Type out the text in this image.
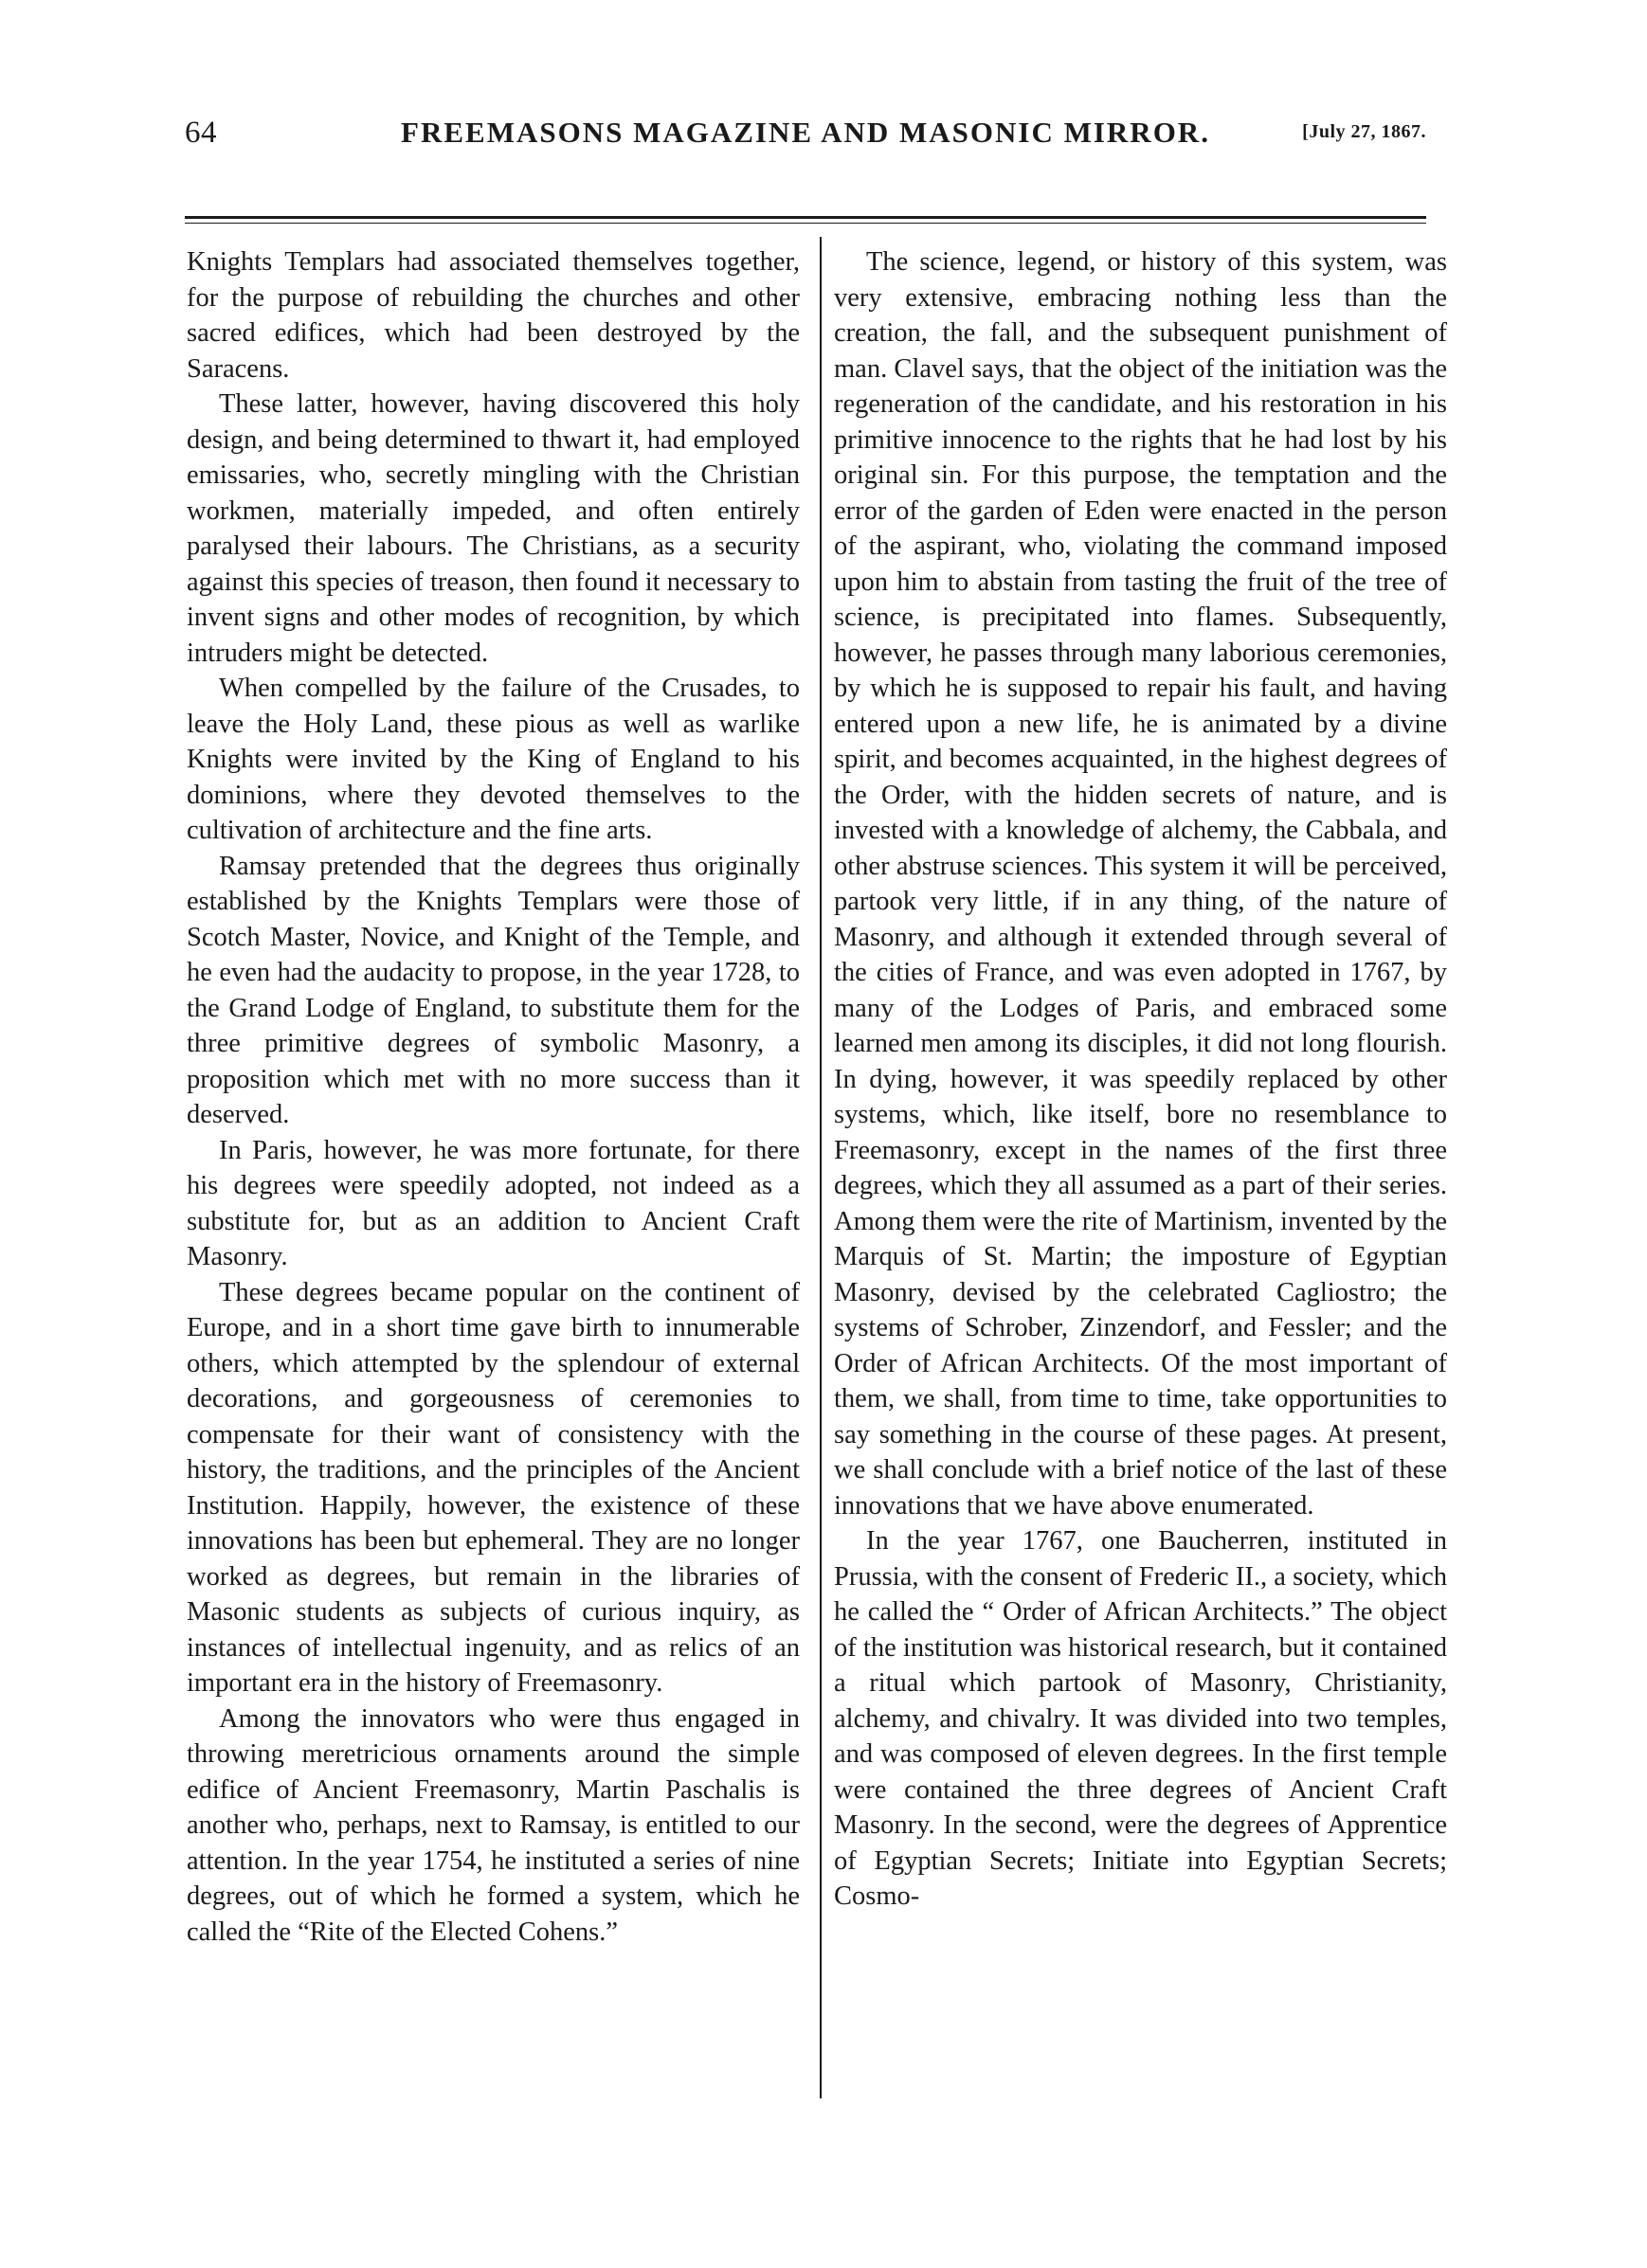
64	FREEMASONS MAGAZINE AND MASONIC MIRROR.	[July 27, 1867.

Knights Templars had associated themselves together, for the purpose of rebuilding the churches and other sacred edifices, which had been destroyed by the Saracens.

These latter, however, having discovered this holy design, and being determined to thwart it, had employed emissaries, who, secretly mingling with the Christian workmen, materially impeded, and often entirely paralysed their labours. The Christians, as a security against this species of treason, then found it necessary to invent signs and other modes of recognition, by which intruders might be detected.

When compelled by the failure of the Crusades, to leave the Holy Land, these pious as well as warlike Knights were invited by the King of England to his dominions, where they devoted themselves to the cultivation of architecture and the fine arts.

Ramsay pretended that the degrees thus originally established by the Knights Templars were those of Scotch Master, Novice, and Knight of the Temple, and he even had the audacity to propose, in the year 1728, to the Grand Lodge of England, to substitute them for the three primitive degrees of symbolic Masonry, a proposition which met with no more success than it deserved.

In Paris, however, he was more fortunate, for there his degrees were speedily adopted, not indeed as a substitute for, but as an addition to Ancient Craft Masonry.

These degrees became popular on the continent of Europe, and in a short time gave birth to innumerable others, which attempted by the splendour of external decorations, and gorgeousness of ceremonies to compensate for their want of consistency with the history, the traditions, and the principles of the Ancient Institution. Happily, however, the existence of these innovations has been but ephemeral. They are no longer worked as degrees, but remain in the libraries of Masonic students as subjects of curious inquiry, as instances of intellectual ingenuity, and as relics of an important era in the history of Freemasonry.

Among the innovators who were thus engaged in throwing meretricious ornaments around the simple edifice of Ancient Freemasonry, Martin Paschalis is another who, perhaps, next to Ramsay, is entitled to our attention. In the year 1754, he instituted a series of nine degrees, out of which he formed a system, which he called the “Rite of the Elected Cohens.”

The science, legend, or history of this system, was very extensive, embracing nothing less than the creation, the fall, and the subsequent punishment of man. Clavel says, that the object of the initiation was the regeneration of the candidate, and his restoration in his primitive innocence to the rights that he had lost by his original sin. For this purpose, the temptation and the error of the garden of Eden were enacted in the person of the aspirant, who, violating the command imposed upon him to abstain from tasting the fruit of the tree of science, is precipitated into flames. Subsequently, however, he passes through many laborious ceremonies, by which he is supposed to repair his fault, and having entered upon a new life, he is animated by a divine spirit, and becomes acquainted, in the highest degrees of the Order, with the hidden secrets of nature, and is invested with a knowledge of alchemy, the Cabbala, and other abstruse sciences. This system it will be perceived, partook very little, if in any thing, of the nature of Masonry, and although it extended through several of the cities of France, and was even adopted in 1767, by many of the Lodges of Paris, and embraced some learned men among its disciples, it did not long flourish. In dying, however, it was speedily replaced by other systems, which, like itself, bore no resemblance to Freemasonry, except in the names of the first three degrees, which they all assumed as a part of their series. Among them were the rite of Martinism, invented by the Marquis of St. Martin; the imposture of Egyptian Masonry, devised by the celebrated Cagliostro; the systems of Schrober, Zinzendorf, and Fessler; and the Order of African Architects. Of the most important of them, we shall, from time to time, take opportunities to say something in the course of these pages. At present, we shall conclude with a brief notice of the last of these innovations that we have above enumerated.

In the year 1767, one Baucherren, instituted in Prussia, with the consent of Frederic II., a society, which he called the “ Order of African Architects.” The object of the institution was historical research, but it contained a ritual which partook of Masonry, Christianity, alchemy, and chivalry. It was divided into two temples, and was composed of eleven degrees. In the first temple were contained the three degrees of Ancient Craft Masonry. In the second, were the degrees of Apprentice of Egyptian Secrets; Initiate into Egyptian Secrets; Cosmo-
